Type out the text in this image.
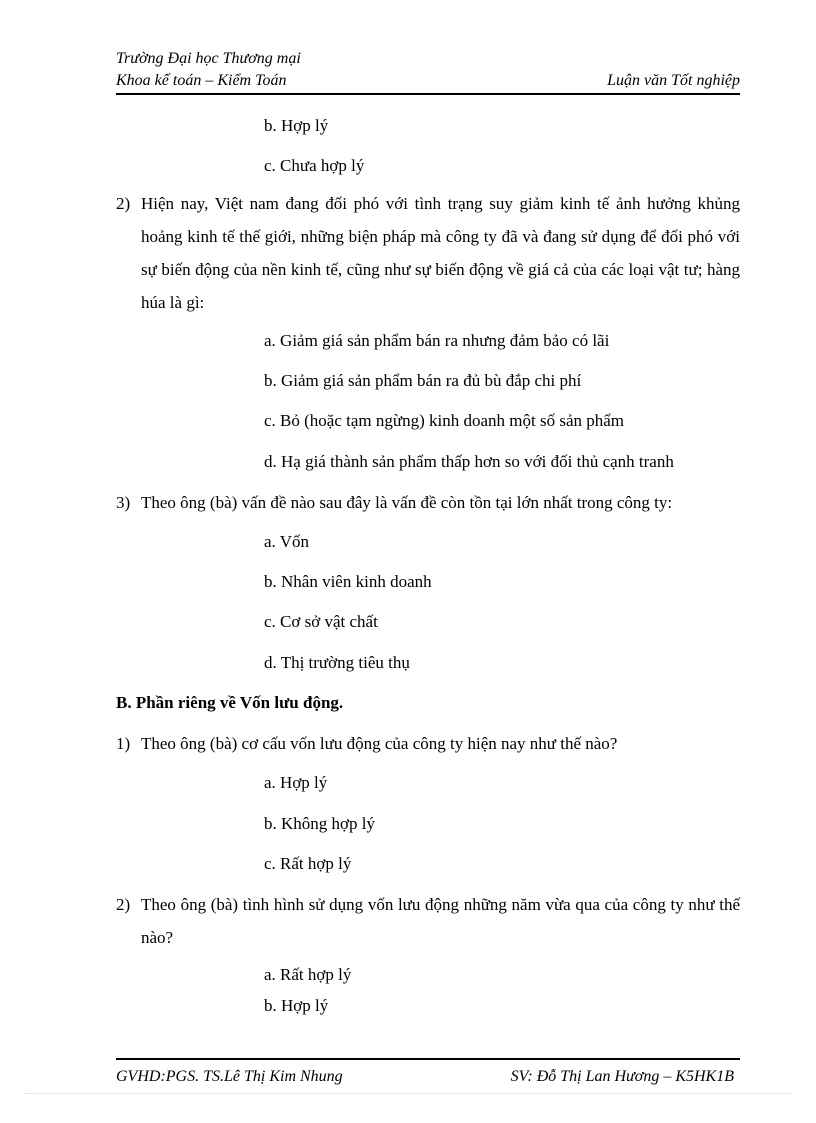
Trường Đại học Thương mại
Khoa kế toán – Kiểm Toán	Luận văn Tốt nghiệp
b. Hợp lý
c. Chưa hợp lý
2) Hiện nay, Việt nam đang đối phó với tình trạng suy giảm kinh tế ảnh hưởng khủng hoảng kinh tế thế giới, những biện pháp mà công ty đã và đang sử dụng để đối phó với sự biến động của nền kinh tế, cũng như sự biến động về giá cả của các loại vật tư; hàng húa là gì:
a. Giảm giá sản phẩm bán ra nhưng đảm bảo có lãi
b. Giảm giá sản phẩm bán ra đủ bù đắp chi phí
c. Bỏ (hoặc tạm ngừng) kinh doanh một số sản phẩm
d. Hạ giá thành sản phẩm thấp hơn so với đối thủ cạnh tranh
3) Theo ông (bà) vấn đề nào sau đây là vấn đề còn tồn tại lớn nhất trong công ty:
a. Vốn
b. Nhân viên kinh doanh
c. Cơ sở vật chất
d. Thị trường tiêu thụ
B. Phần riêng về Vốn lưu động.
1) Theo ông (bà) cơ cấu vốn lưu động của công ty hiện nay như thế nào?
a. Hợp lý
b. Không hợp lý
c. Rất hợp lý
2) Theo ông (bà) tình hình sử dụng vốn lưu động những năm vừa qua của công ty như thế nào?
a. Rất hợp lý
b. Hợp lý
GVHD:PGS. TS.Lê Thị Kim Nhung	SV: Đỗ Thị Lan Hương – K5HK1B
